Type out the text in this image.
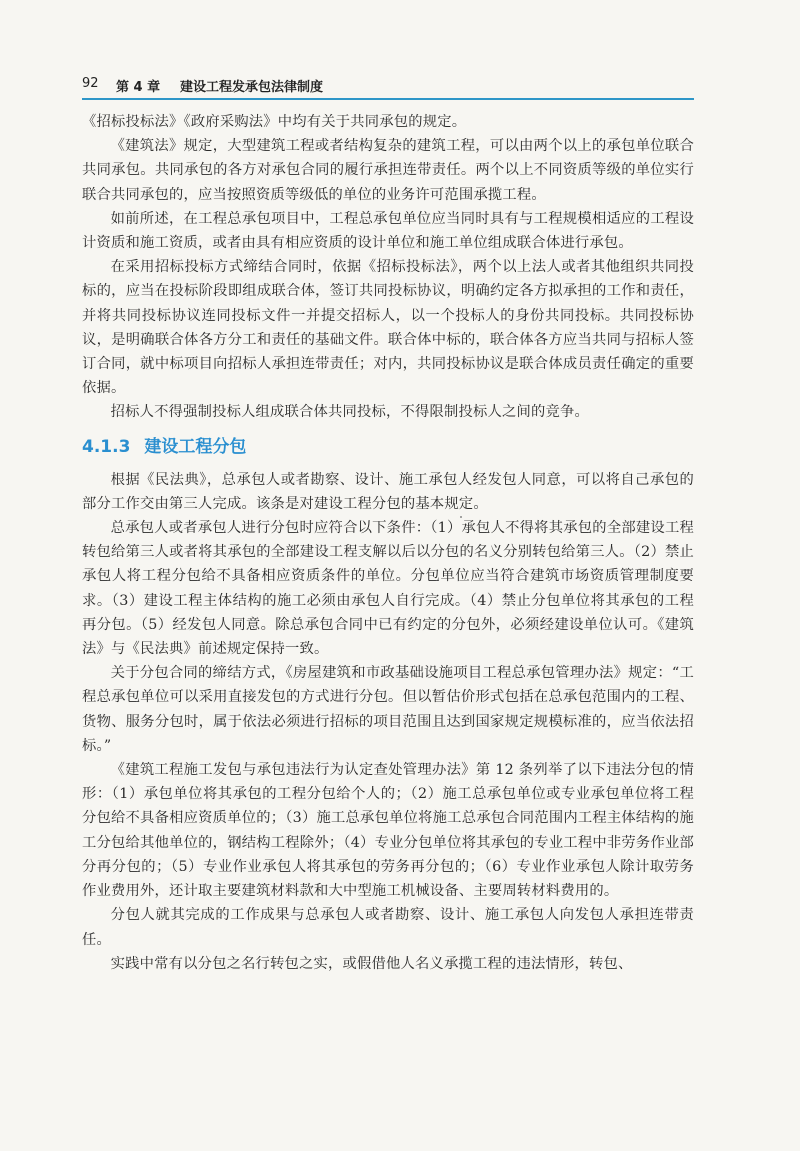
92 第 4 章 建设工程发承包法律制度

《招标投标法》《政府采购法》中均有关于共同承包的规定。

《建筑法》规定，大型建筑工程或者结构复杂的建筑工程，可以由两个以上的承包单位联合共同承包。共同承包的各方对承包合同的履行承担连带责任。两个以上不同资质等级的单位实行联合共同承包的，应当按照资质等级低的单位的业务许可范围承揽工程。

如前所述，在工程总承包项目中，工程总承包单位应当同时具有与工程规模相适应的工程设计资质和施工资质，或者由具有相应资质的设计单位和施工单位组成联合体进行承包。

在采用招标投标方式缔结合同时，依据《招标投标法》，两个以上法人或者其他组织共同投标的，应当在投标阶段即组成联合体，签订共同投标协议，明确约定各方拟承担的工作和责任，并将共同投标协议连同投标文件一并提交招标人，以一个投标人的身份共同投标。共同投标协议，是明确联合体各方分工和责任的基础文件。联合体中标的，联合体各方应当共同与招标人签订合同，就中标项目向招标人承担连带责任；对内，共同投标协议是联合体成员责任确定的重要依据。

招标人不得强制投标人组成联合体共同投标，不得限制投标人之间的竞争。

4.1.3 建设工程分包

根据《民法典》，总承包人或者勘察、设计、施工承包人经发包人同意，可以将自己承包的部分工作交由第三人完成。该条是对建设工程分包的基本规定。

总承包人或者承包人进行分包时应符合以下条件：（1）承包人不得将其承包的全部建设工程转包给第三人或者将其承包的全部建设工程支解以后以分包的名义分别转包给第三人。（2）禁止承包人将工程分包给不具备相应资质条件的单位。分包单位应当符合建筑市场资质管理制度要求。（3）建设工程主体结构的施工必须由承包人自行完成。（4）禁止分包单位将其承包的工程再分包。（5）经发包人同意。除总承包合同中已有约定的分包外，必须经建设单位认可。《建筑法》与《民法典》前述规定保持一致。

关于分包合同的缔结方式，《房屋建筑和市政基础设施项目工程总承包管理办法》规定：“工程总承包单位可以采用直接发包的方式进行分包。但以暂估价形式包括在总承包范围内的工程、货物、服务分包时，属于依法必须进行招标的项目范围且达到国家规定规模标准的，应当依法招标。”

《建筑工程施工发包与承包违法行为认定查处管理办法》第 12 条列举了以下违法分包的情形：（1）承包单位将其承包的工程分包给个人的；（2）施工总承包单位或专业承包单位将工程分包给不具备相应资质单位的；（3）施工总承包单位将施工总承包合同范围内工程主体结构的施工分包给其他单位的，钢结构工程除外；（4）专业分包单位将其承包的专业工程中非劳务作业部分再分包的；（5）专业作业承包人将其承包的劳务再分包的；（6）专业作业承包人除计取劳务作业费用外，还计取主要建筑材料款和大中型施工机械设备、主要周转材料费用的。

分包人就其完成的工作成果与总承包人或者勘察、设计、施工承包人向发包人承担连带责任。

实践中常有以分包之名行转包之实，或假借他人名义承揽工程的违法情形，转包、
